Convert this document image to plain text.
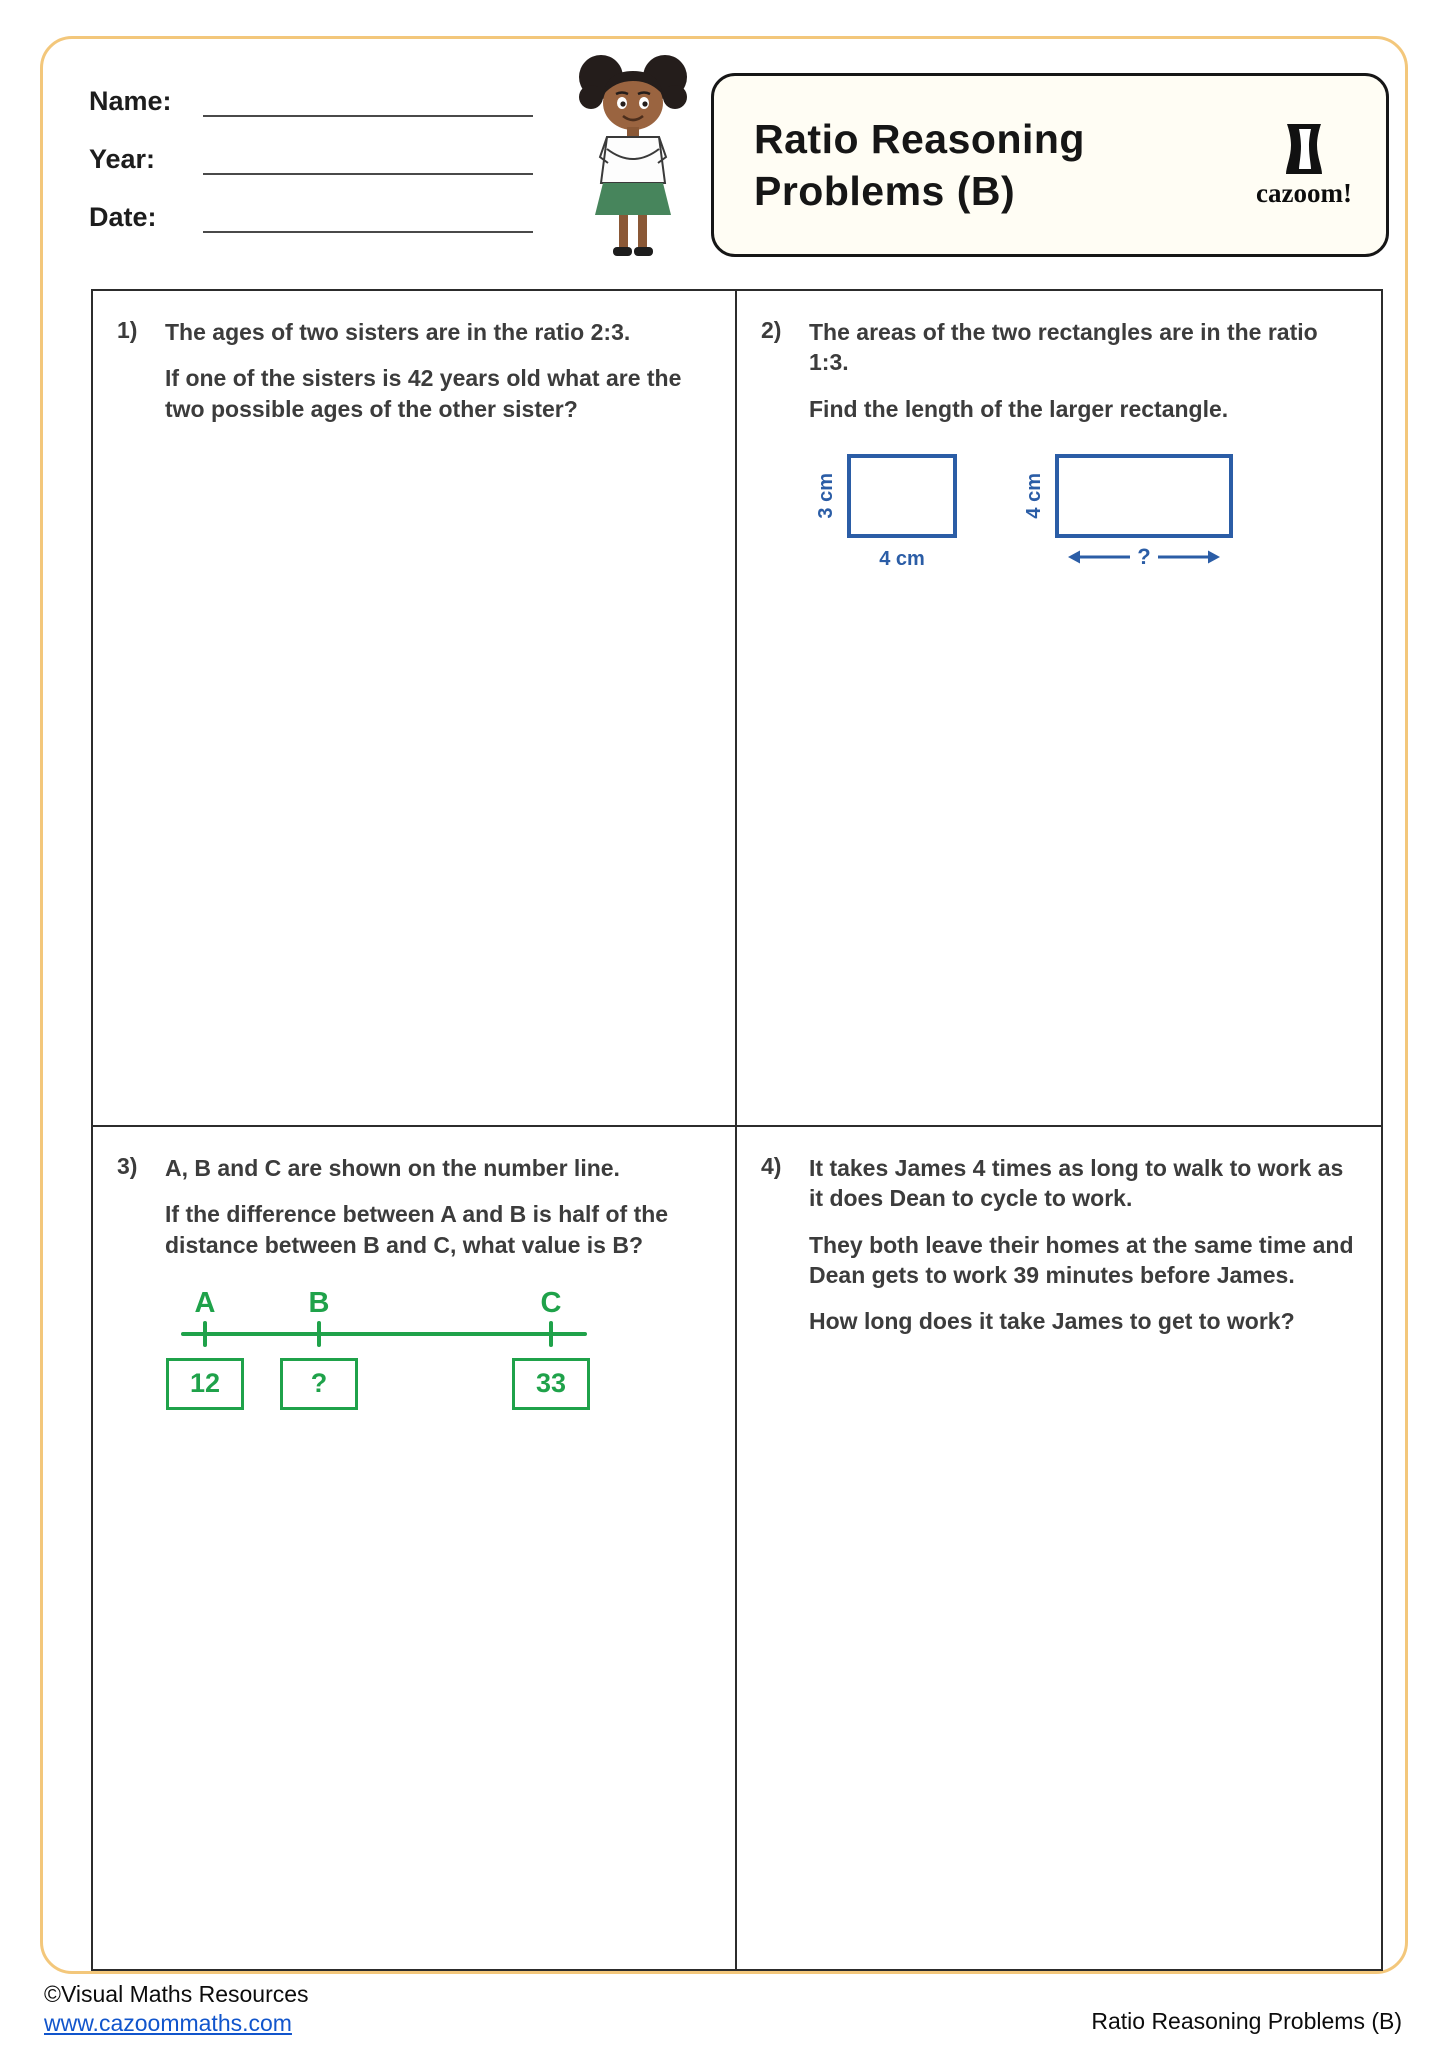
Name:
Year:
Date:
Ratio Reasoning
Problems (B)	cazoom!
1)	The ages of two sisters are in the ratio 2:3.

If one of the sisters is 42 years old what are the two possible ages of the other sister?

2)	The areas of the two rectangles are in the ratio 1:3.

Find the length of the larger rectangle.

3 cm
4 cm
4 cm
?
3)	A, B and C are shown on the number line.

If the difference between A and B is half of the distance between B and C, what value is B?

A	B	C
12	?	33
4)	It takes James 4 times as long to walk to work as it does Dean to cycle to work.

They both leave their homes at the same time and Dean gets to work 39 minutes before James.

How long does it take James to get to work?

©Visual Maths Resources
www.cazoommaths.com	Ratio Reasoning Problems (B)
